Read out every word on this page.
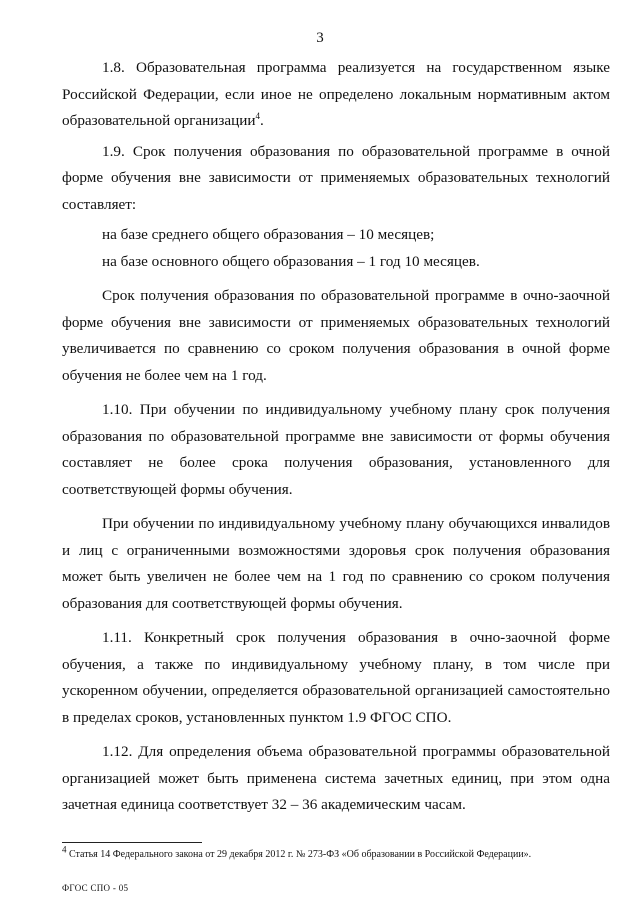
3

1.8. Образовательная программа реализуется на государственном языке Российской Федерации, если иное не определено локальным нормативным актом образовательной организации$^4$.

1.9. Срок получения образования по образовательной программе в очной форме обучения вне зависимости от применяемых образовательных технологий составляет:

на базе среднего общего образования – 10 месяцев;

на базе основного общего образования – 1 год 10 месяцев.

Срок получения образования по образовательной программе в очно-заочной форме обучения вне зависимости от применяемых образовательных технологий увеличивается по сравнению со сроком получения образования в очной форме обучения не более чем на 1 год.

1.10. При обучении по индивидуальному учебному плану срок получения образования по образовательной программе вне зависимости от формы обучения составляет не более срока получения образования, установленного для соответствующей формы обучения.

При обучении по индивидуальному учебному плану обучающихся инвалидов и лиц с ограниченными возможностями здоровья срок получения образования может быть увеличен не более чем на 1 год по сравнению со сроком получения образования для соответствующей формы обучения.

1.11. Конкретный срок получения образования в очно-заочной форме обучения, а также по индивидуальному учебному плану, в том числе при ускоренном обучении, определяется образовательной организацией самостоятельно в пределах сроков, установленных пунктом 1.9 ФГОС СПО.

1.12. Для определения объема образовательной программы образовательной организацией может быть применена система зачетных единиц, при этом одна зачетная единица соответствует 32 – 36 академическим часам.

$^4$ Статья 14 Федерального закона от 29 декабря 2012 г. № 273-ФЗ «Об образовании в Российской Федерации».
ФГОС СПО - 05
